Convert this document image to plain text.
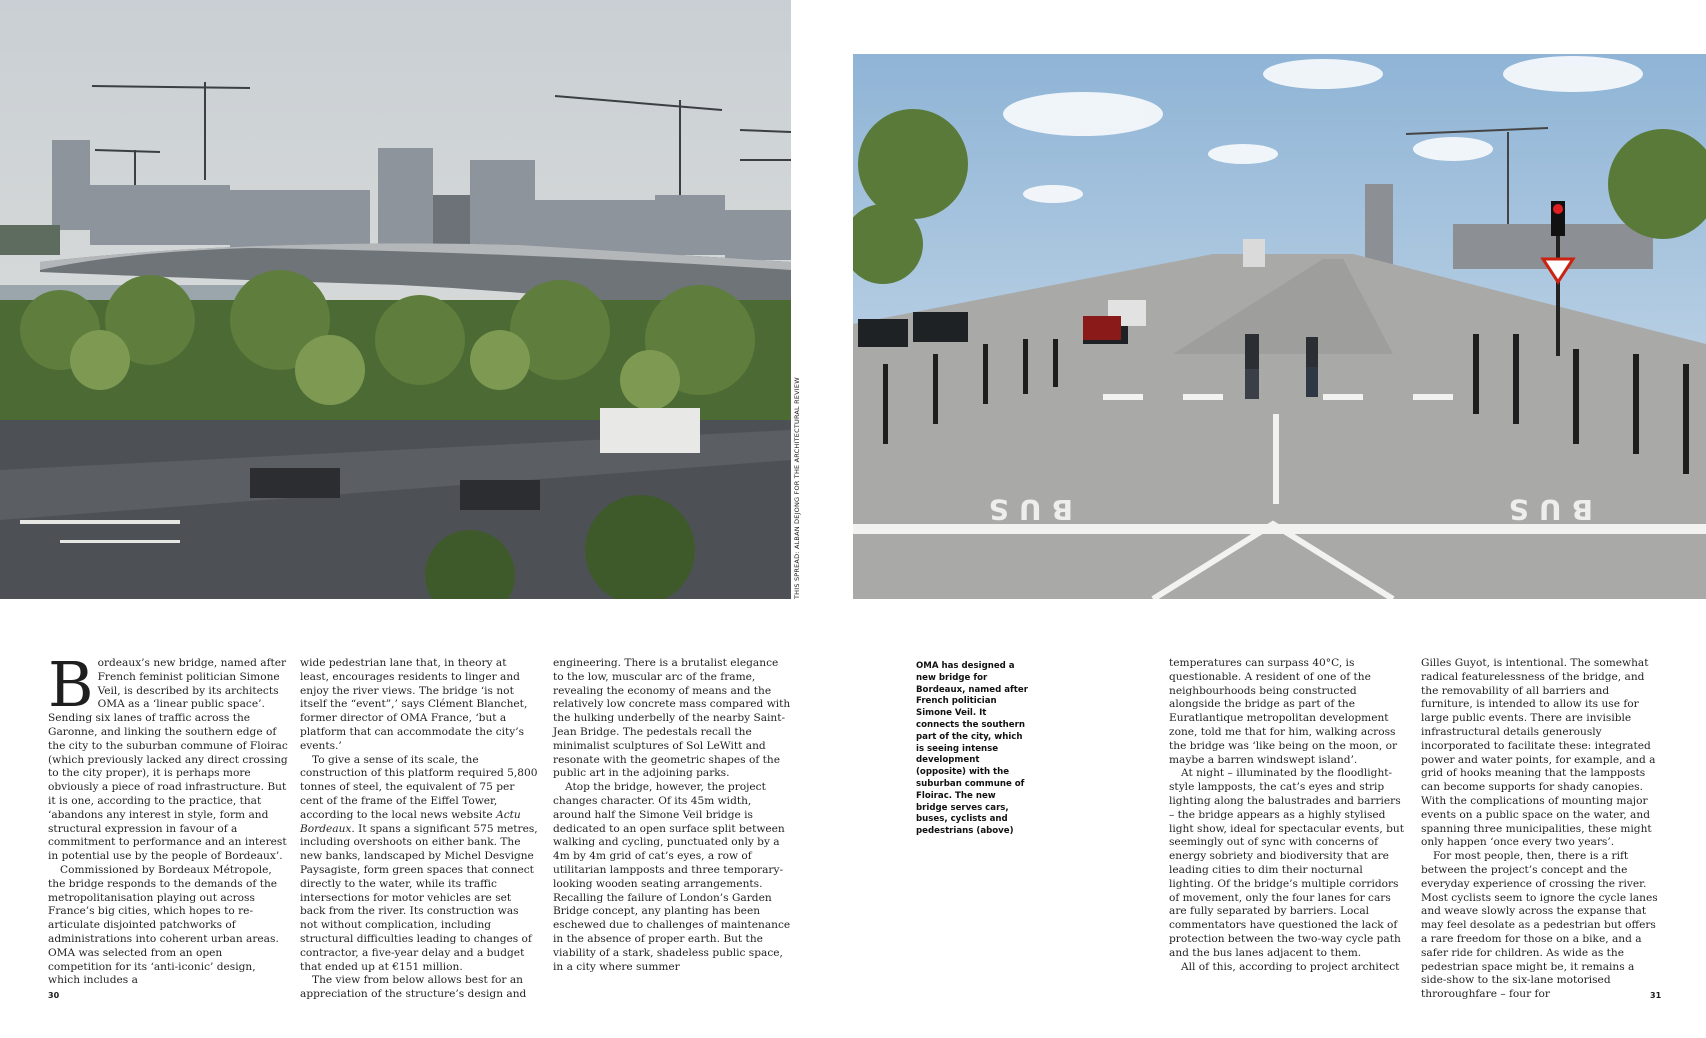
THIS SPREAD: ALBAN DEJONG FOR THE ARCHITECTURAL REVIEW	BUS	BUS

Bordeaux’s new bridge, named after French feminist politician Simone Veil, is described by its architects OMA as a ‘linear public space’. Sending six lanes of traffic across the Garonne, and linking the southern edge of the city to the suburban commune of Floirac (which previously lacked any direct crossing to the city proper), it is perhaps more obviously a piece of road infrastructure. But it is one, according to the practice, that ‘abandons any interest in style, form and structural expression in favour of a commitment to performance and an interest in potential use by the people of Bordeaux’.

Commissioned by Bordeaux Métropole, the bridge responds to the demands of the metropolitanisation playing out across France’s big cities, which hopes to re-articulate disjointed patchworks of administrations into coherent urban areas. OMA was selected from an open competition for its ‘anti-iconic’ design, which includes a

wide pedestrian lane that, in theory at least, encourages residents to linger and enjoy the river views. The bridge ‘is not itself the “event”,’ says Clément Blanchet, former director of OMA France, ‘but a platform that can accommodate the city’s events.’

To give a sense of its scale, the construction of this platform required 5,800 tonnes of steel, the equivalent of 75 per cent of the frame of the Eiffel Tower, according to the local news website Actu Bordeaux. It spans a significant 575 metres, including overshoots on either bank. The new banks, landscaped by Michel Desvigne Paysagiste, form green spaces that connect directly to the water, while its traffic intersections for motor vehicles are set back from the river. Its construction was not without complication, including structural difficulties leading to changes of contractor, a five-year delay and a budget that ended up at €151 million.

The view from below allows best for an appreciation of the structure’s design and

engineering. There is a brutalist elegance to the low, muscular arc of the frame, revealing the economy of means and the relatively low concrete mass compared with the hulking underbelly of the nearby Saint-Jean Bridge. The pedestals recall the minimalist sculptures of Sol LeWitt and resonate with the geometric shapes of the public art in the adjoining parks.

Atop the bridge, however, the project changes character. Of its 45m width, around half the Simone Veil bridge is dedicated to an open surface split between walking and cycling, punctuated only by a 4m by 4m grid of cat’s eyes, a row of utilitarian lampposts and three temporary-looking wooden seating arrangements. Recalling the failure of London’s Garden Bridge concept, any planting has been eschewed due to challenges of maintenance in the absence of proper earth. But the viability of a stark, shadeless public space, in a city where summer

OMA has designed a new bridge for Bordeaux, named after French politician Simone Veil. It connects the southern part of the city, which is seeing intense development (opposite) with the suburban commune of Floirac. The new bridge serves cars, buses, cyclists and pedestrians (above)

temperatures can surpass 40°C, is questionable. A resident of one of the neighbourhoods being constructed alongside the bridge as part of the Euratlantique metropolitan development zone, told me that for him, walking across the bridge was ‘like being on the moon, or maybe a barren windswept island’.

At night – illuminated by the floodlight-style lampposts, the cat’s eyes and strip lighting along the balustrades and barriers – the bridge appears as a highly stylised light show, ideal for spectacular events, but seemingly out of sync with concerns of energy sobriety and biodiversity that are leading cities to dim their nocturnal lighting. Of the bridge’s multiple corridors of movement, only the four lanes for cars are fully separated by barriers. Local commentators have questioned the lack of protection between the two-way cycle path and the bus lanes adjacent to them.

All of this, according to project architect

Gilles Guyot, is intentional. The somewhat radical featurelessness of the bridge, and the removability of all barriers and furniture, is intended to allow its use for large public events. There are invisible infrastructural details generously incorporated to facilitate these: integrated power and water points, for example, and a grid of hooks meaning that the lampposts can become supports for shady canopies. With the complications of mounting major events on a public space on the water, and spanning three municipalities, these might only happen ‘once every two years’.

For most people, then, there is a rift between the project’s concept and the everyday experience of crossing the river. Most cyclists seem to ignore the cycle lanes and weave slowly across the expanse that may feel desolate as a pedestrian but offers a rare freedom for those on a bike, and a safer ride for children. As wide as the pedestrian space might be, it remains a side-show to the six-lane motorised throroughfare – four for

30	31
